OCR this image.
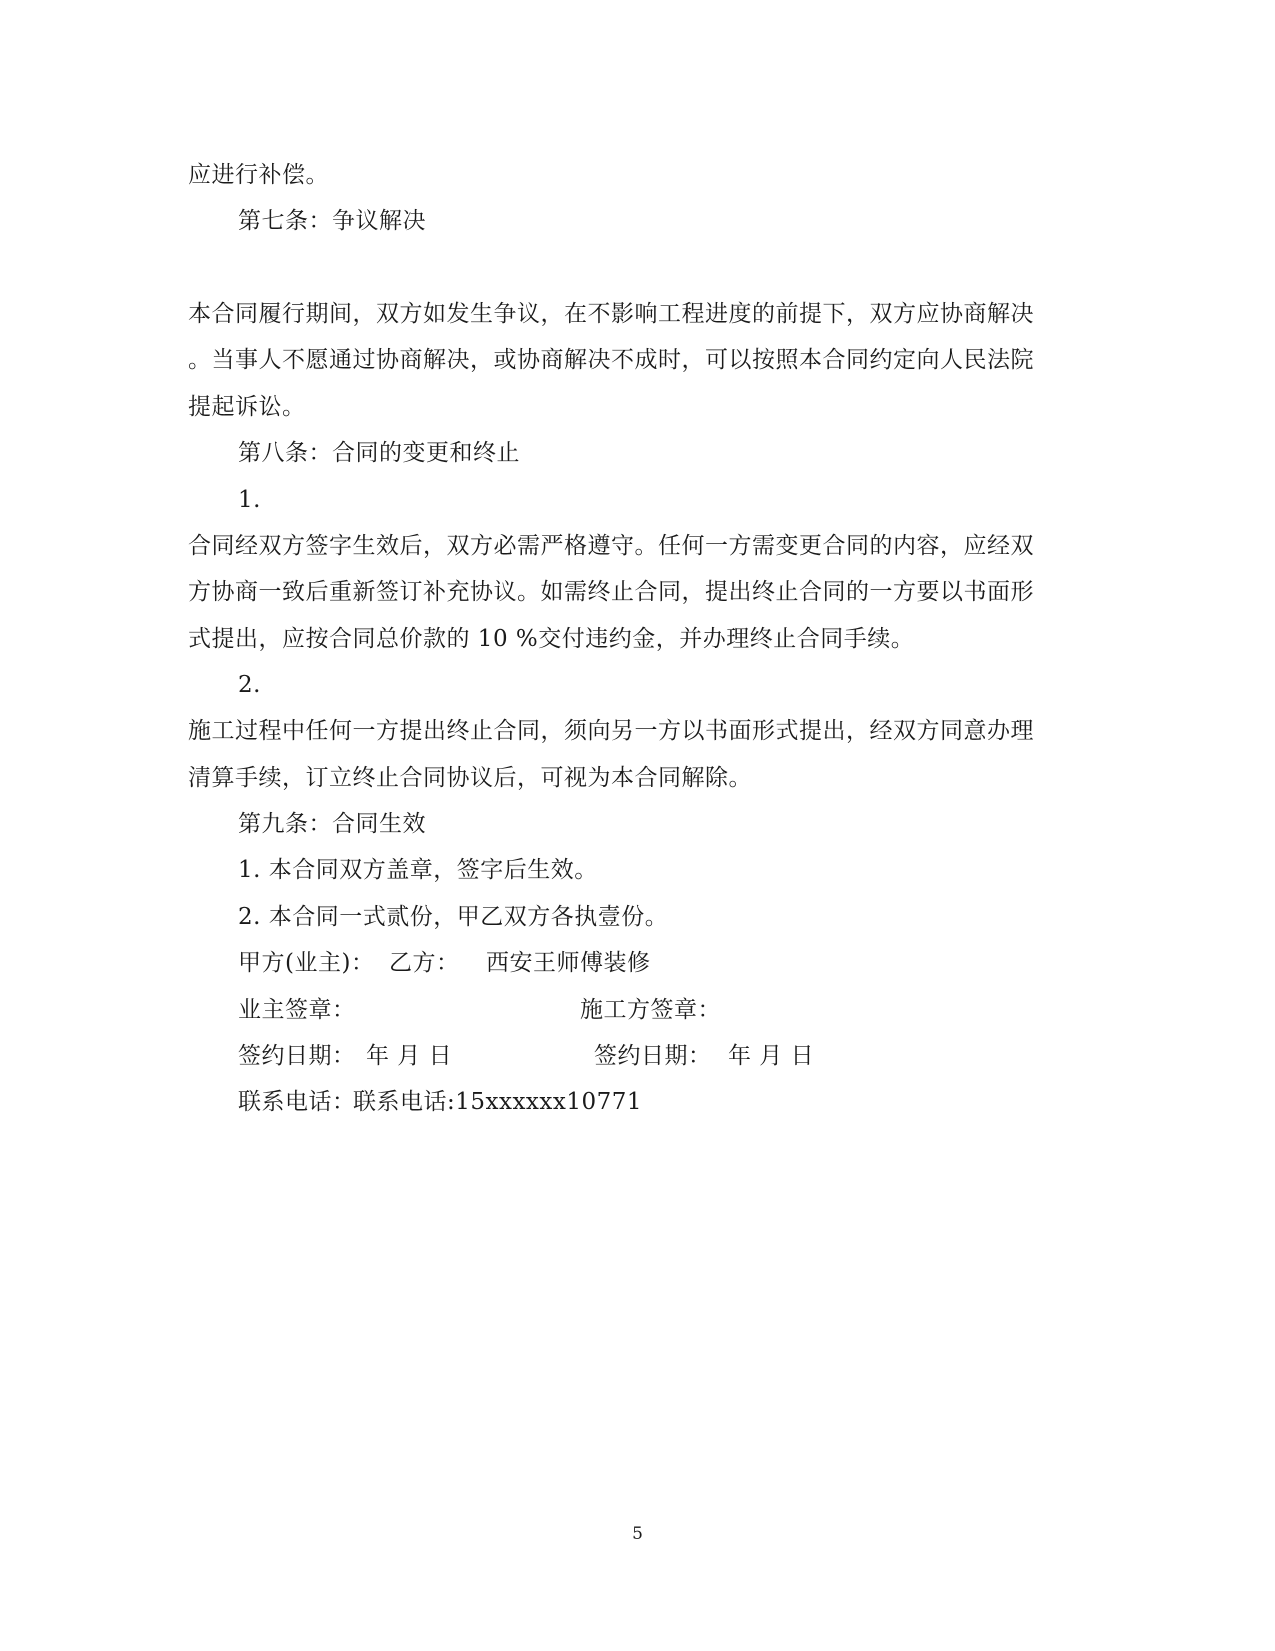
应进行补偿。
第七条：争议解决
本合同履行期间，双方如发生争议，在不影响工程进度的前提下，双方应协商解决
。当事人不愿通过协商解决，或协商解决不成时，可以按照本合同约定向人民法院
提起诉讼。
第八条：合同的变更和终止
1.
合同经双方签字生效后，双方必需严格遵守。任何一方需变更合同的内容，应经双
方协商一致后重新签订补充协议。如需终止合同，提出终止合同的一方要以书面形
式提出，应按合同总价款的 10 %交付违约金，并办理终止合同手续。
2.
施工过程中任何一方提出终止合同，须向另一方以书面形式提出，经双方同意办理
清算手续，订立终止合同协议后，可视为本合同解除。
第九条：合同生效
1. 本合同双方盖章，签字后生效。
2. 本合同一式贰份，甲乙双方各执壹份。
甲方(业主)： 乙方： 西安王师傅装修
业主签章：	施工方签章：
签约日期： 年 月 日	签约日期： 年 月 日
联系电话：
联系电话:15xxxxxx10771
5
